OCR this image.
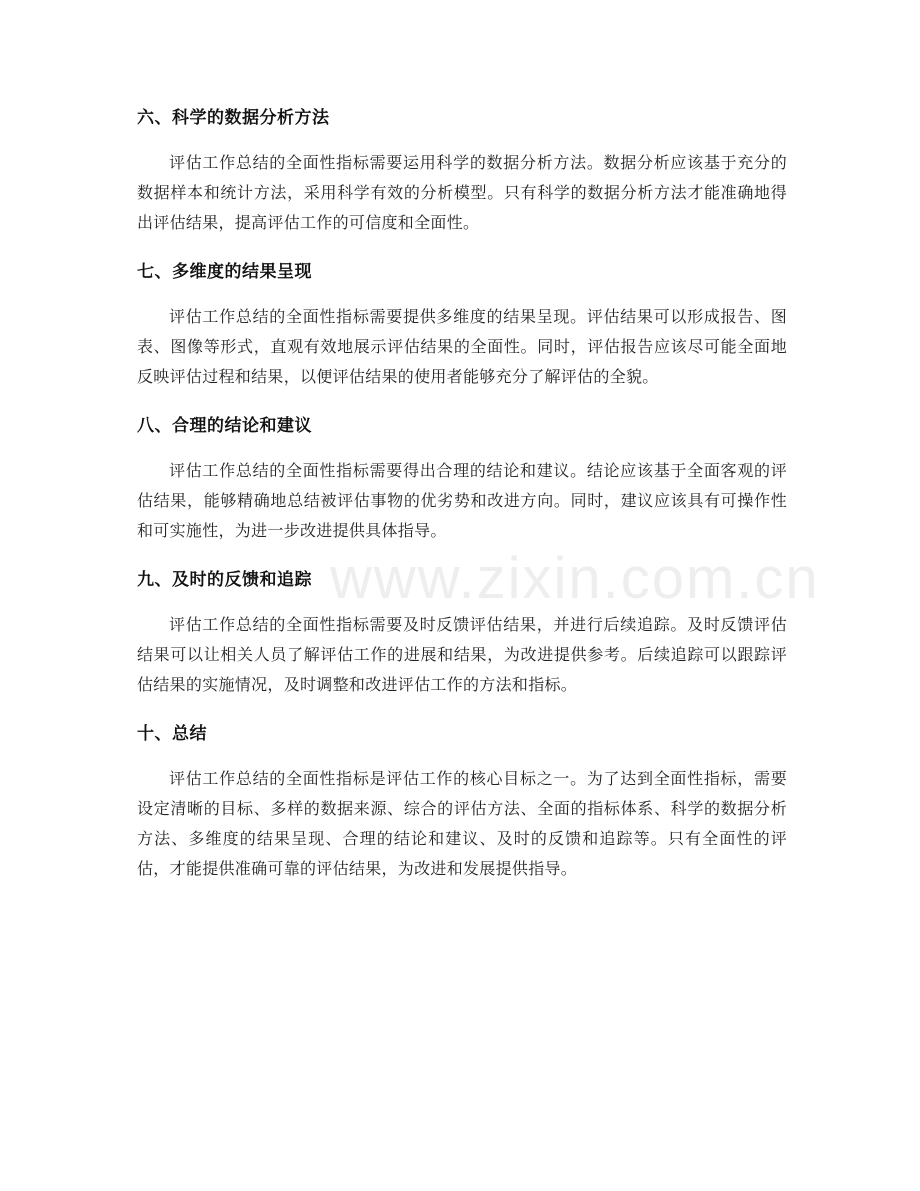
www.zixin.com.cn
六、科学的数据分析方法

评估工作总结的全面性指标需要运用科学的数据分析方法。数据分析应该基于充分的数据样本和统计方法，采用科学有效的分析模型。只有科学的数据分析方法才能准确地得出评估结果，提高评估工作的可信度和全面性。

七、多维度的结果呈现

评估工作总结的全面性指标需要提供多维度的结果呈现。评估结果可以形成报告、图表、图像等形式，直观有效地展示评估结果的全面性。同时，评估报告应该尽可能全面地反映评估过程和结果，以便评估结果的使用者能够充分了解评估的全貌。

八、合理的结论和建议

评估工作总结的全面性指标需要得出合理的结论和建议。结论应该基于全面客观的评估结果，能够精确地总结被评估事物的优劣势和改进方向。同时，建议应该具有可操作性和可实施性，为进一步改进提供具体指导。

九、及时的反馈和追踪

评估工作总结的全面性指标需要及时反馈评估结果，并进行后续追踪。及时反馈评估结果可以让相关人员了解评估工作的进展和结果，为改进提供参考。后续追踪可以跟踪评估结果的实施情况，及时调整和改进评估工作的方法和指标。

十、总结

评估工作总结的全面性指标是评估工作的核心目标之一。为了达到全面性指标，需要设定清晰的目标、多样的数据来源、综合的评估方法、全面的指标体系、科学的数据分析方法、多维度的结果呈现、合理的结论和建议、及时的反馈和追踪等。只有全面性的评估，才能提供准确可靠的评估结果，为改进和发展提供指导。
